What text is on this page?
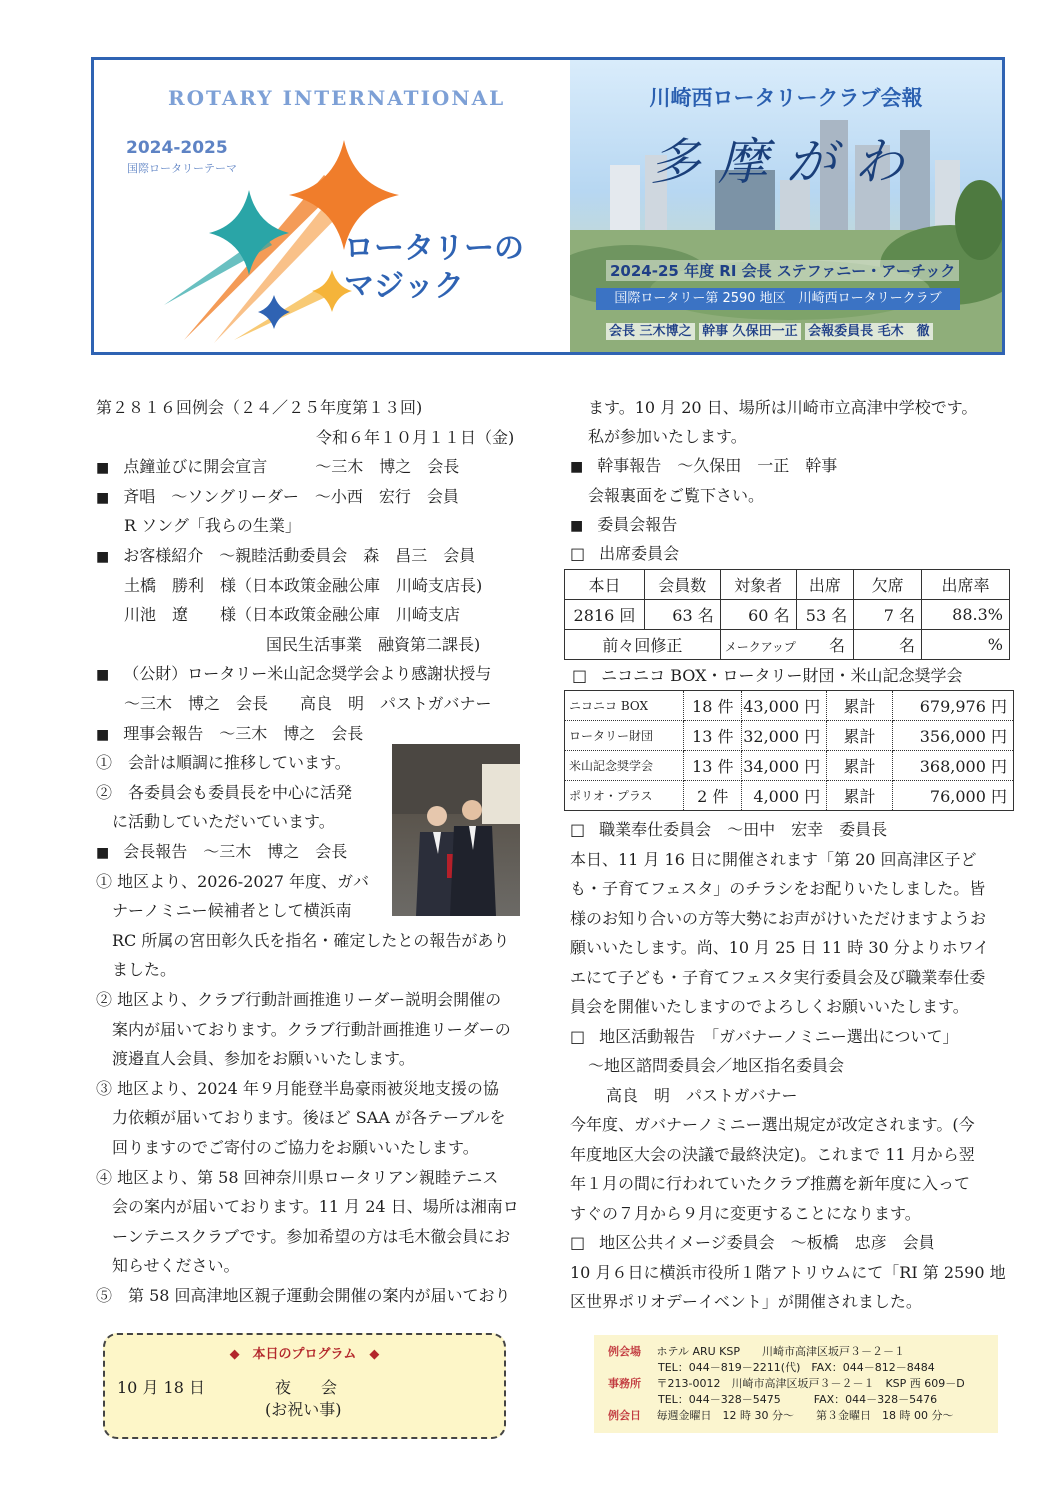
ROTARY INTERNATIONAL
2024-2025
国際ロータリーテーマ
ロータリーの
マジック
川崎西ロータリークラブ会報
多摩がわ
2024-25 年度 RI 会長 ステファニー・アーチック
国際ロータリー第 2590 地区　川崎西ロータリークラブ
会長 三木博之 幹事 久保田一正 会報委員長 毛木　徹
第２８１６回例会（２４／２５年度第１３回)
令和６年１０月１１日（金)
■ 点鐘並びに開会宣言　　　～三木　博之　会長
■ 斉唱　～ソングリーダー　～小西　宏行　会員
R ソング「我らの生業」
■ お客様紹介　～親睦活動委員会　森　昌三　会員
土橋　勝利　様（日本政策金融公庫　川崎支店長)
川池　遼　　様（日本政策金融公庫　川崎支店
国民生活事業　融資第二課長)
■ （公財）ロータリー米山記念奨学会より感謝状授与
～三木　博之　会長　　高良　明　パストガバナー
■ 理事会報告　～三木　博之　会長
①　会計は順調に推移しています。
②　各委員会も委員長を中心に活発
に活動していただいています。
■ 会長報告　～三木　博之　会長
① 地区より、2026-2027 年度、ガバ
ナーノミニー候補者として横浜南
RC 所属の宮田彰久氏を指名・確定したとの報告があり
ました。
② 地区より、クラブ行動計画推進リーダー説明会開催の
案内が届いております。クラブ行動計画推進リーダーの
渡邉直人会員、参加をお願いいたします。
③ 地区より、2024 年９月能登半島豪雨被災地支援の協
力依頼が届いております。後ほど SAA が各テーブルを
回りますのでご寄付のご協力をお願いいたします。
④ 地区より、第 58 回神奈川県ロータリアン親睦テニス
会の案内が届いております。11 月 24 日、場所は湘南ロ
ーンテニスクラブです。参加希望の方は毛木徹会員にお
知らせください。
⑤　第 58 回高津地区親子運動会開催の案内が届いており
ます。10 月 20 日、場所は川崎市立高津中学校です。
私が参加いたします。
■ 幹事報告　～久保田　一正　幹事
会報裏面をご覧下さい。
■ 委員会報告
□ 出席委員会
本日	会員数	対象者	出席	欠席	出席率
2816 回	63 名	60 名	53 名	7 名	88.3%
前々回修正		メークアップ 名		名	%
□ ニコニコ BOX・ロータリー財団・米山記念奨学会
ニコニコ BOX	18 件	43,000 円	累計	679,976 円
ロータリー財団	13 件	32,000 円	累計	356,000 円
米山記念奨学会	13 件	34,000 円	累計	368,000 円
ポリオ・プラス	2 件	4,000 円	累計	76,000 円
□ 職業奉仕委員会　～田中　宏幸　委員長
本日、11 月 16 日に開催されます「第 20 回高津区子ど
も・子育てフェスタ」のチラシをお配りいたしました。皆
様のお知り合いの方等大勢にお声がけいただけますようお
願いいたします。尚、10 月 25 日 11 時 30 分よりホワイ
エにて子ども・子育てフェスタ実行委員会及び職業奉仕委
員会を開催いたしますのでよろしくお願いいたします。
□ 地区活動報告　「ガバナーノミニー選出について」
～地区諮問委員会／地区指名委員会
高良　明　パストガバナー
今年度、ガバナーノミニー選出規定が改定されます。(今
年度地区大会の決議で最終決定)。これまで 11 月から翌
年１月の間に行われていたクラブ推薦を新年度に入って
すぐの７月から９月に変更することになります。
□ 地区公共イメージ委員会　～板橋　忠彦　会員
10 月６日に横浜市役所１階アトリウムにて「RI 第 2590 地
区世界ポリオデーイベント」が開催されました。
◆　本日のプログラム　◆
10 月 18 日	夜会
(お祝い事)
例会場 ホテル ARU KSP　　川崎市高津区坂戸３－２－１
TEL：044－819－2211(代)　FAX：044－812－8484
事務所 〒213-0012　川崎市高津区坂戸３－２－１　KSP 西 609－D
TEL：044－328－5475　　　FAX：044－328－5476
例会日 毎週金曜日　12 時 30 分～　　第３金曜日　18 時 00 分～
